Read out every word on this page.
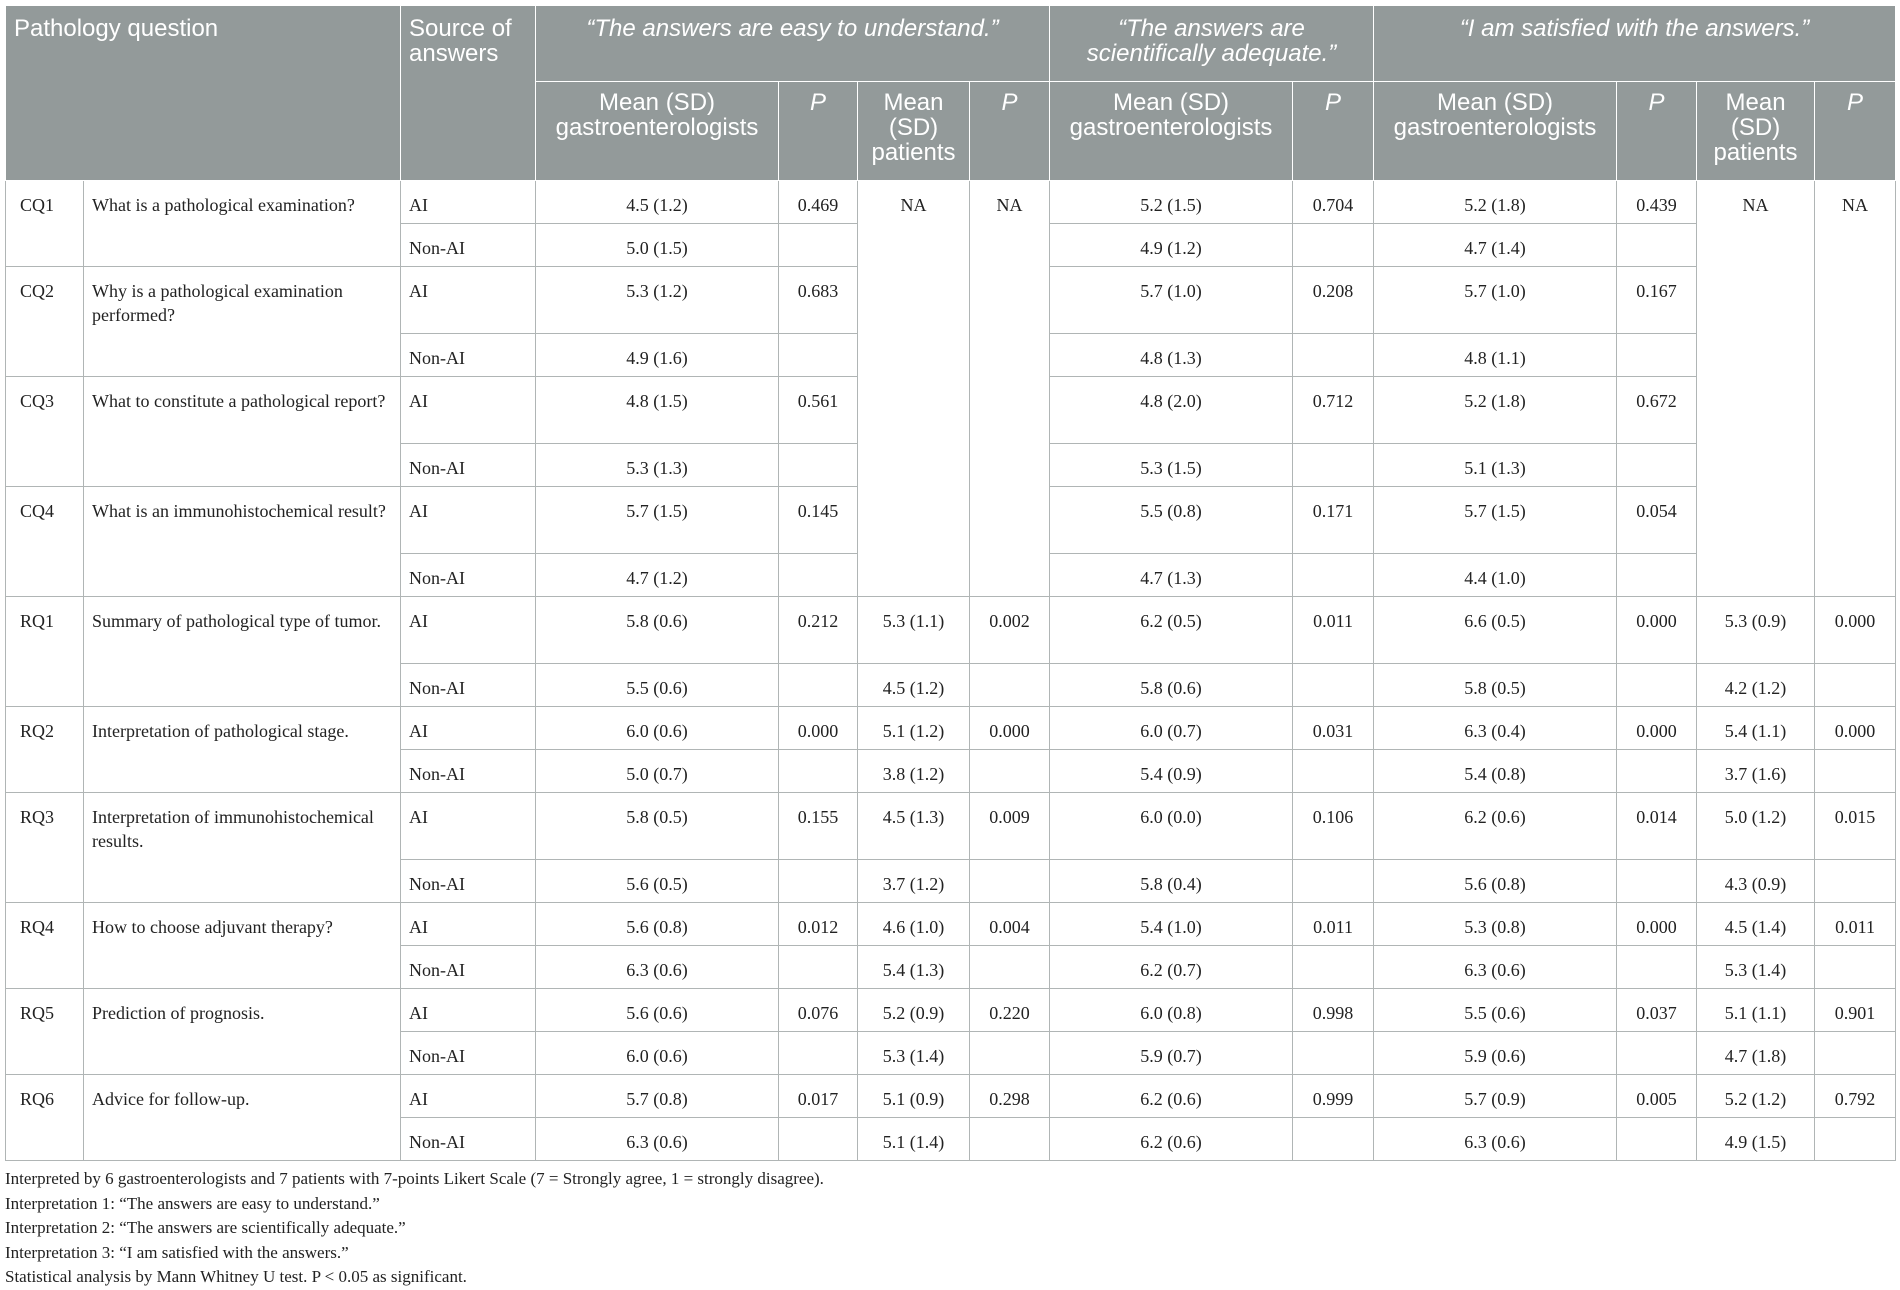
Pathology question		Source of answers	“The answers are easy to understand.”				“The answers are scientifically adequate.”		“I am satisfied with the answers.”			
			Mean (SD) gastroenterologists	P	Mean (SD) patients	P	Mean (SD) gastroenterologists	P	Mean (SD) gastroenterologists	P	Mean (SD) patients	P
CQ1	What is a pathological examination?	AI	4.5 (1.2)	0.469	NA	NA	5.2 (1.5)	0.704	5.2 (1.8)	0.439	NA	NA
		Non-AI	5.0 (1.5)				4.9 (1.2)		4.7 (1.4)			
CQ2	Why is a pathological examination performed?	AI	5.3 (1.2)	0.683			5.7 (1.0)	0.208	5.7 (1.0)	0.167		
		Non-AI	4.9 (1.6)				4.8 (1.3)		4.8 (1.1)			
CQ3	What to constitute a pathological report?	AI	4.8 (1.5)	0.561			4.8 (2.0)	0.712	5.2 (1.8)	0.672		
		Non-AI	5.3 (1.3)				5.3 (1.5)		5.1 (1.3)			
CQ4	What is an immunohistochemical result?	AI	5.7 (1.5)	0.145			5.5 (0.8)	0.171	5.7 (1.5)	0.054		
		Non-AI	4.7 (1.2)				4.7 (1.3)		4.4 (1.0)			
RQ1	Summary of pathological type of tumor.	AI	5.8 (0.6)	0.212	5.3 (1.1)	0.002	6.2 (0.5)	0.011	6.6 (0.5)	0.000	5.3 (0.9)	0.000
		Non-AI	5.5 (0.6)		4.5 (1.2)		5.8 (0.6)		5.8 (0.5)		4.2 (1.2)	
RQ2	Interpretation of pathological stage.	AI	6.0 (0.6)	0.000	5.1 (1.2)	0.000	6.0 (0.7)	0.031	6.3 (0.4)	0.000	5.4 (1.1)	0.000
		Non-AI	5.0 (0.7)		3.8 (1.2)		5.4 (0.9)		5.4 (0.8)		3.7 (1.6)	
RQ3	Interpretation of immunohistochemical results.	AI	5.8 (0.5)	0.155	4.5 (1.3)	0.009	6.0 (0.0)	0.106	6.2 (0.6)	0.014	5.0 (1.2)	0.015
		Non-AI	5.6 (0.5)		3.7 (1.2)		5.8 (0.4)		5.6 (0.8)		4.3 (0.9)	
RQ4	How to choose adjuvant therapy?	AI	5.6 (0.8)	0.012	4.6 (1.0)	0.004	5.4 (1.0)	0.011	5.3 (0.8)	0.000	4.5 (1.4)	0.011
		Non-AI	6.3 (0.6)		5.4 (1.3)		6.2 (0.7)		6.3 (0.6)		5.3 (1.4)	
RQ5	Prediction of prognosis.	AI	5.6 (0.6)	0.076	5.2 (0.9)	0.220	6.0 (0.8)	0.998	5.5 (0.6)	0.037	5.1 (1.1)	0.901
		Non-AI	6.0 (0.6)		5.3 (1.4)		5.9 (0.7)		5.9 (0.6)		4.7 (1.8)	
RQ6	Advice for follow-up.	AI	5.7 (0.8)	0.017	5.1 (0.9)	0.298	6.2 (0.6)	0.999	5.7 (0.9)	0.005	5.2 (1.2)	0.792
		Non-AI	6.3 (0.6)		5.1 (1.4)		6.2 (0.6)		6.3 (0.6)		4.9 (1.5)	
Interpreted by 6 gastroenterologists and 7 patients with 7-points Likert Scale (7 = Strongly agree, 1 = strongly disagree).
Interpretation 1: “The answers are easy to understand.”
Interpretation 2: “The answers are scientifically adequate.”
Interpretation 3: “I am satisfied with the answers.”
Statistical analysis by Mann Whitney U test. P < 0.05 as significant.
